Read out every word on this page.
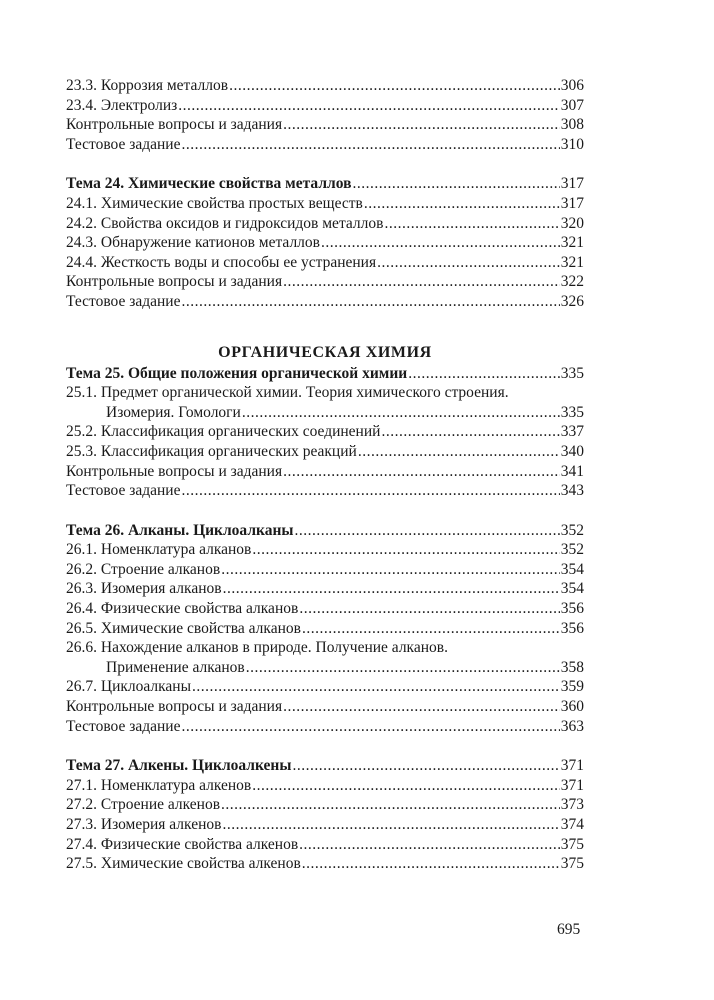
23.3. Коррозия металлов .....	306
23.4. Электролиз .....	307
Контрольные вопросы и задания .....	308
Тестовое задание .....	310
Тема 24. Химические свойства металлов .....	317
24.1. Химические свойства простых веществ .....	317
24.2. Свойства оксидов и гидроксидов металлов .....	320
24.3. Обнаружение катионов металлов .....	321
24.4. Жесткость воды и способы ее устранения .....	321
Контрольные вопросы и задания .....	322
Тестовое задание .....	326
ОРГАНИЧЕСКАЯ ХИМИЯ
Тема 25. Общие положения органической химии .....	335
25.1. Предмет органической химии. Теория химического строения.
Изомерия. Гомологи .....	335
25.2. Классификация органических соединений .....	337
25.3. Классификация органических реакций .....	340
Контрольные вопросы и задания .....	341
Тестовое задание .....	343
Тема 26. Алканы. Циклоалканы .....	352
26.1. Номенклатура алканов .....	352
26.2. Строение алканов .....	354
26.3. Изомерия алканов .....	354
26.4. Физические свойства алканов .....	356
26.5. Химические свойства алканов .....	356
26.6. Нахождение алканов в природе. Получение алканов.
Применение алканов .....	358
26.7. Циклоалканы .....	359
Контрольные вопросы и задания .....	360
Тестовое задание .....	363
Тема 27. Алкены. Циклоалкены .....	371
27.1. Номенклатура алкенов .....	371
27.2. Строение алкенов .....	373
27.3. Изомерия алкенов .....	374
27.4. Физические свойства алкенов .....	375
27.5. Химические свойства алкенов .....	375
695
